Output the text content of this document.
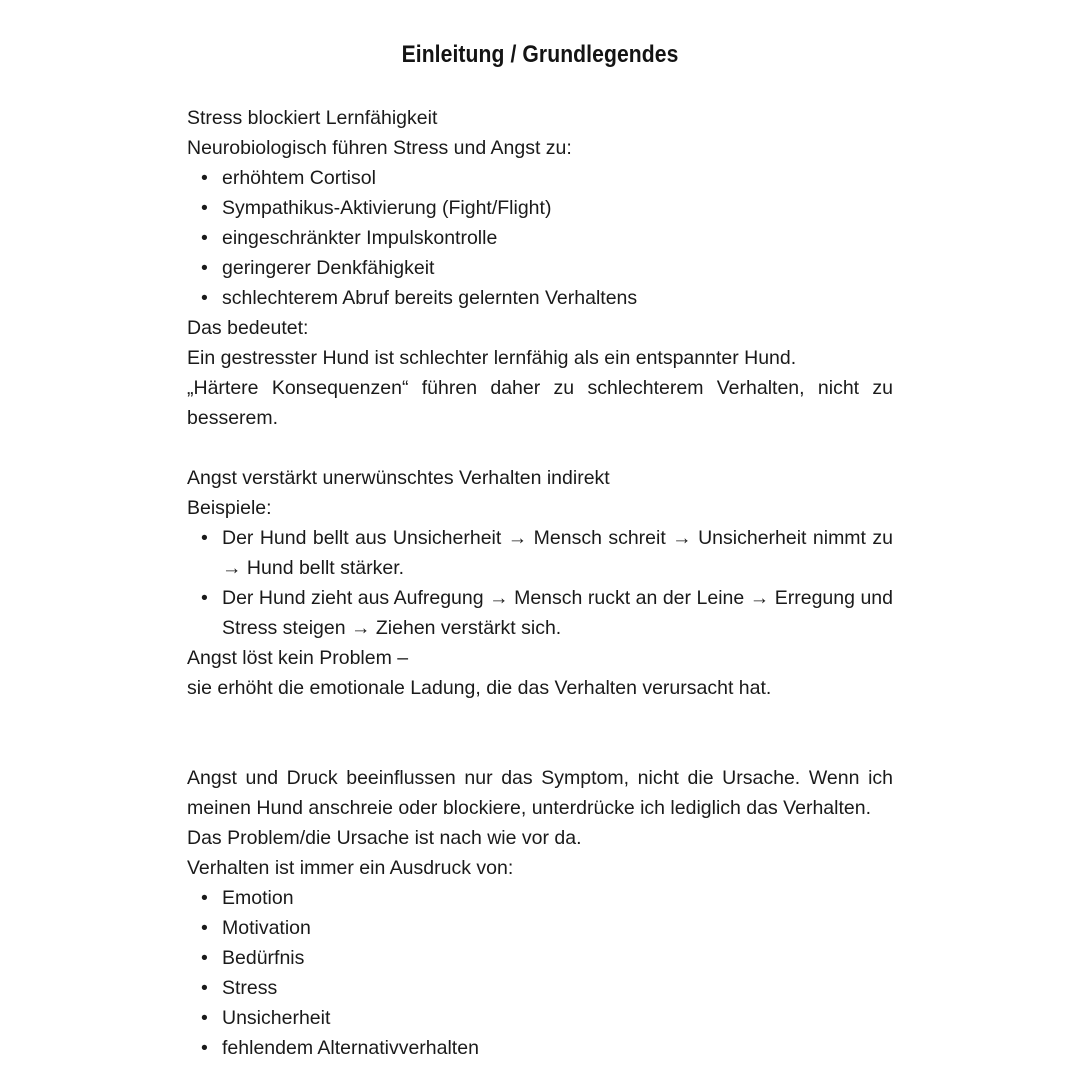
Einleitung / Grundlegendes

Stress blockiert Lernfähigkeit

Neurobiologisch führen Stress und Angst zu:

• erhöhtem Cortisol
• Sympathikus-Aktivierung (Fight/Flight)
• eingeschränkter Impulskontrolle
• geringerer Denkfähigkeit
• schlechterem Abruf bereits gelernten Verhaltens

Das bedeutet:

Ein gestresster Hund ist schlechter lernfähig als ein entspannter Hund.

„Härtere Konsequenzen“ führen daher zu schlechterem Verhalten, nicht zu besserem.

Angst verstärkt unerwünschtes Verhalten indirekt

Beispiele:

• Der Hund bellt aus Unsicherheit → Mensch schreit → Unsicherheit nimmt zu → Hund bellt stärker.
• Der Hund zieht aus Aufregung → Mensch ruckt an der Leine → Erregung und Stress steigen → Ziehen verstärkt sich.

Angst löst kein Problem –

sie erhöht die emotionale Ladung, die das Verhalten verursacht hat.

Angst und Druck beeinflussen nur das Symptom, nicht die Ursache. Wenn ich meinen Hund anschreie oder blockiere, unterdrücke ich lediglich das Verhalten.

Das Problem/die Ursache ist nach wie vor da.

Verhalten ist immer ein Ausdruck von:

• Emotion
• Motivation
• Bedürfnis
• Stress
• Unsicherheit
• fehlendem Alternativverhalten
